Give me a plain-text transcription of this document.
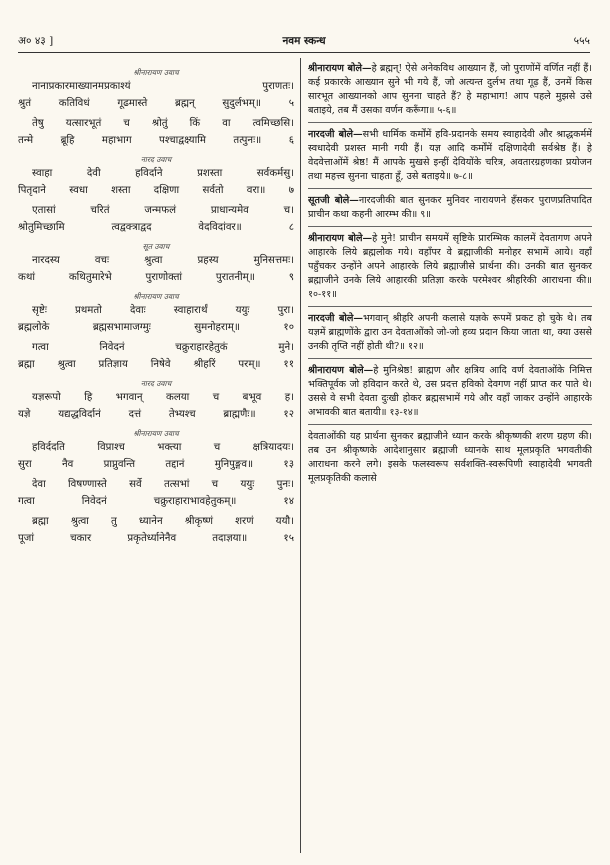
अ० ४३ ]	नवम स्कन्ध	५५५
श्रीनारायण उवाच
नानाप्रकारमाख्यानमप्रकाश्यं पुराणतः।
श्रुतं कतिविधं गूढमास्ते ब्रह्मन् सुदुर्लभम्॥ ५
तेषु यत्सारभूतं च श्रोतुं किं वा त्वमिच्छसि।
तन्मे ब्रूहि महाभाग पश्चाद्वक्ष्यामि तत्पुनः॥ ६
नारद उवाच
स्वाहा देवी हविर्दाने प्रशस्ता सर्वकर्मसु।
पितृदाने स्वधा शस्ता दक्षिणा सर्वतो वरा॥ ७
एतासां चरितं जन्मफलं प्राधान्यमेव च।
श्रोतुमिच्छामि त्वद्वक्त्राद्वद वेदविदांवर॥ ८
सूत उवाच
नारदस्य वचः श्रुत्वा प्रहस्य मुनिसत्तमः।
कथां कथितुमारेभे पुराणोक्तां पुरातनीम्॥ ९
श्रीनारायण उवाच
सृष्टेः प्रथमतो देवाः स्वाहारार्थं ययुः पुरा।
ब्रह्मलोके ब्रह्मसभामाजग्मुः सुमनोहराम्॥ १०
गत्वा निवेदनं चक्रुराहारहेतुकं मुने।
ब्रह्मा श्रुत्वा प्रतिज्ञाय निषेवे श्रीहरिं परम्॥ ११
नारद उवाच
यज्ञरूपो हि भगवान् कलया च बभूव ह।
यज्ञे यद्यद्धविर्दानं दत्तं तेभ्यश्च ब्राह्मणैः॥ १२
श्रीनारायण उवाच
हविर्ददति विप्राश्च भक्त्या च क्षत्रियादयः।
सुरा नैव प्राप्नुवन्ति तद्दानं मुनिपुङ्गव॥ १३
देवा विषण्णास्ते सर्वे तत्सभां च ययुः पुनः।
गत्वा निवेदनं चक्रुराहाराभावहेतुकम्॥ १४
ब्रह्मा श्रुत्वा तु ध्यानेन श्रीकृष्णं शरणं ययौ।
पूजां चकार प्रकृतेर्ध्यानेनैव तदाज्ञया॥ १५

श्रीनारायण बोले—हे ब्रह्मन्! ऐसे अनेकविध आख्यान हैं, जो पुराणोंमें वर्णित नहीं हैं। कई प्रकारके आख्यान सुने भी गये हैं, जो अत्यन्त दुर्लभ तथा गूढ़ हैं, उनमें किस सारभूत आख्यानको आप सुनना चाहते हैं? हे महाभाग! आप पहले मुझसे उसे बताइये, तब मैं उसका वर्णन करूँगा॥ ५-६॥

नारदजी बोले—सभी धार्मिक कर्मोंमें हवि-प्रदानके समय स्वाहादेवी और श्राद्धकर्ममें स्वधादेवी प्रशस्त मानी गयी हैं। यज्ञ आदि कर्मोंमें दक्षिणादेवी सर्वश्रेष्ठ हैं। हे वेदवेत्ताओंमें श्रेष्ठ! मैं आपके मुखसे इन्हीं देवियोंके चरित्र, अवतारग्रहणका प्रयोजन तथा महत्त्व सुनना चाहता हूँ, उसे बताइये॥ ७-८॥

सूतजी बोले—नारदजीकी बात सुनकर मुनिवर नारायणने हँसकर पुराणप्रतिपादित प्राचीन कथा कहनी आरम्भ की॥ ९॥

श्रीनारायण बोले—हे मुने! प्राचीन समयमें सृष्टिके प्रारम्भिक कालमें देवतागण अपने आहारके लिये ब्रह्मलोक गये। वहाँपर वे ब्रह्माजीकी मनोहर सभामें आये। वहाँ पहुँचकर उन्होंने अपने आहारके लिये ब्रह्माजीसे प्रार्थना की। उनकी बात सुनकर ब्रह्माजीने उनके लिये आहारकी प्रतिज्ञा करके परमेश्वर श्रीहरिकी आराधना की॥ १०-११॥

नारदजी बोले—भगवान् श्रीहरि अपनी कलासे यज्ञके रूपमें प्रकट हो चुके थे। तब यज्ञमें ब्राह्मणोंके द्वारा उन देवताओंको जो-जो हव्य प्रदान किया जाता था, क्या उससे उनकी तृप्ति नहीं होती थी?॥ १२॥

श्रीनारायण बोले—हे मुनिश्रेष्ठ! ब्राह्मण और क्षत्रिय आदि वर्ण देवताओंके निमित्त भक्तिपूर्वक जो हविदान करते थे, उस प्रदत्त हविको देवगण नहीं प्राप्त कर पाते थे। उससे वे सभी देवता दुःखी होकर ब्रह्मसभामें गये और वहाँ जाकर उन्होंने आहारके अभावकी बात बतायी॥ १३-१४॥

देवताओंकी यह प्रार्थना सुनकर ब्रह्माजीने ध्यान करके श्रीकृष्णकी शरण ग्रहण की। तब उन श्रीकृष्णके आदेशानुसार ब्रह्माजी ध्यानके साथ मूलप्रकृति भगवतीकी आराधना करने लगे। इसके फलस्वरूप सर्वशक्ति-स्वरूपिणी स्वाहादेवी भगवती मूलप्रकृतिकी कलासे
